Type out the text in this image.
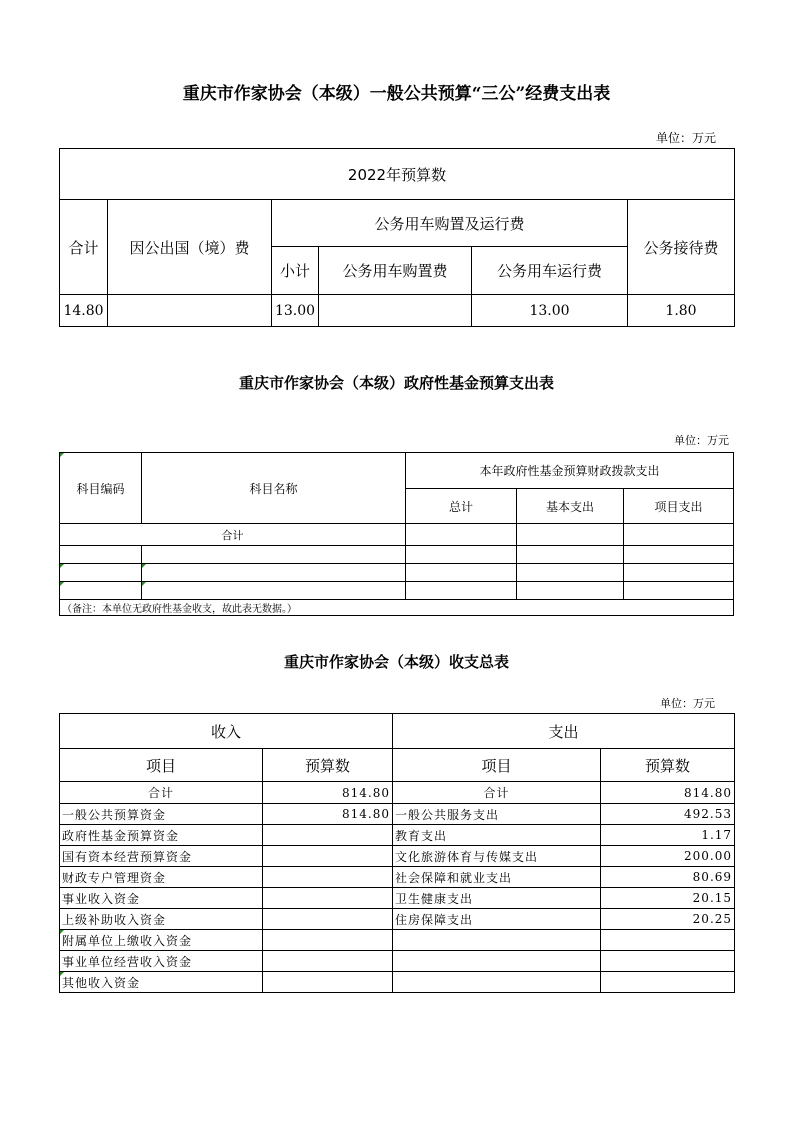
重庆市作家协会（本级）一般公共预算“三公”经费支出表
单位：万元
2022年预算数					
合计	因公出国（境）费	公务用车购置及运行费			公务接待费
		小计	公务用车购置费	公务用车运行费	
14.80		13.00		13.00	1.80
重庆市作家协会（本级）政府性基金预算支出表
单位：万元
科目编码	科目名称	本年政府性基金预算财政拨款支出		
		总计	基本支出	项目支出
合计				

（备注：本单位无政府性基金收支，故此表无数据。）				
重庆市作家协会（本级）收支总表
单位：万元
收入		支出	
项目	预算数	项目	预算数
合计	814.80	合计	814.80
一般公共预算资金	814.80	一般公共服务支出	492.53
政府性基金预算资金		教育支出	1.17
国有资本经营预算资金		文化旅游体育与传媒支出	200.00
财政专户管理资金		社会保障和就业支出	80.69
事业收入资金		卫生健康支出	20.15
上级补助收入资金		住房保障支出	20.25
附属单位上缴收入资金			
事业单位经营收入资金			
其他收入资金			
